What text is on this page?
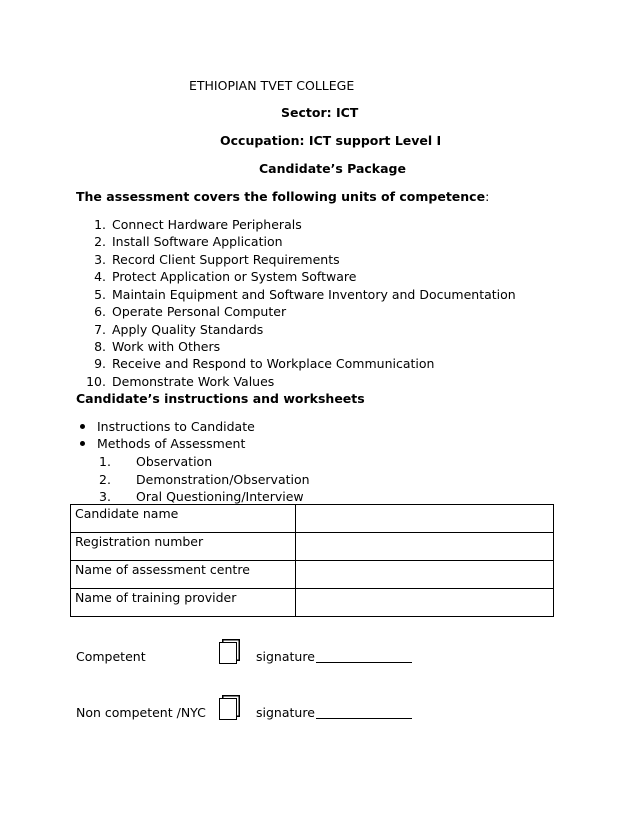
ETHIOPIAN TVET COLLEGE
Sector: ICT
Occupation: ICT support Level I
Candidate’s Package
The assessment covers the following units of competence:
1. Connect Hardware Peripherals
2. Install Software Application
3. Record Client Support Requirements
4. Protect Application or System Software
5. Maintain Equipment and Software Inventory and Documentation
6. Operate Personal Computer
7. Apply Quality Standards
8. Work with Others
9. Receive and Respond to Workplace Communication
10. Demonstrate Work Values
Candidate’s instructions and worksheets
Instructions to Candidate
Methods of Assessment
1. Observation
2. Demonstration/Observation
3. Oral Questioning/Interview
Candidate name	
Registration number	
Name of assessment centre	
Name of training provider	
Competent	signature
Non competent /NYC	signature
